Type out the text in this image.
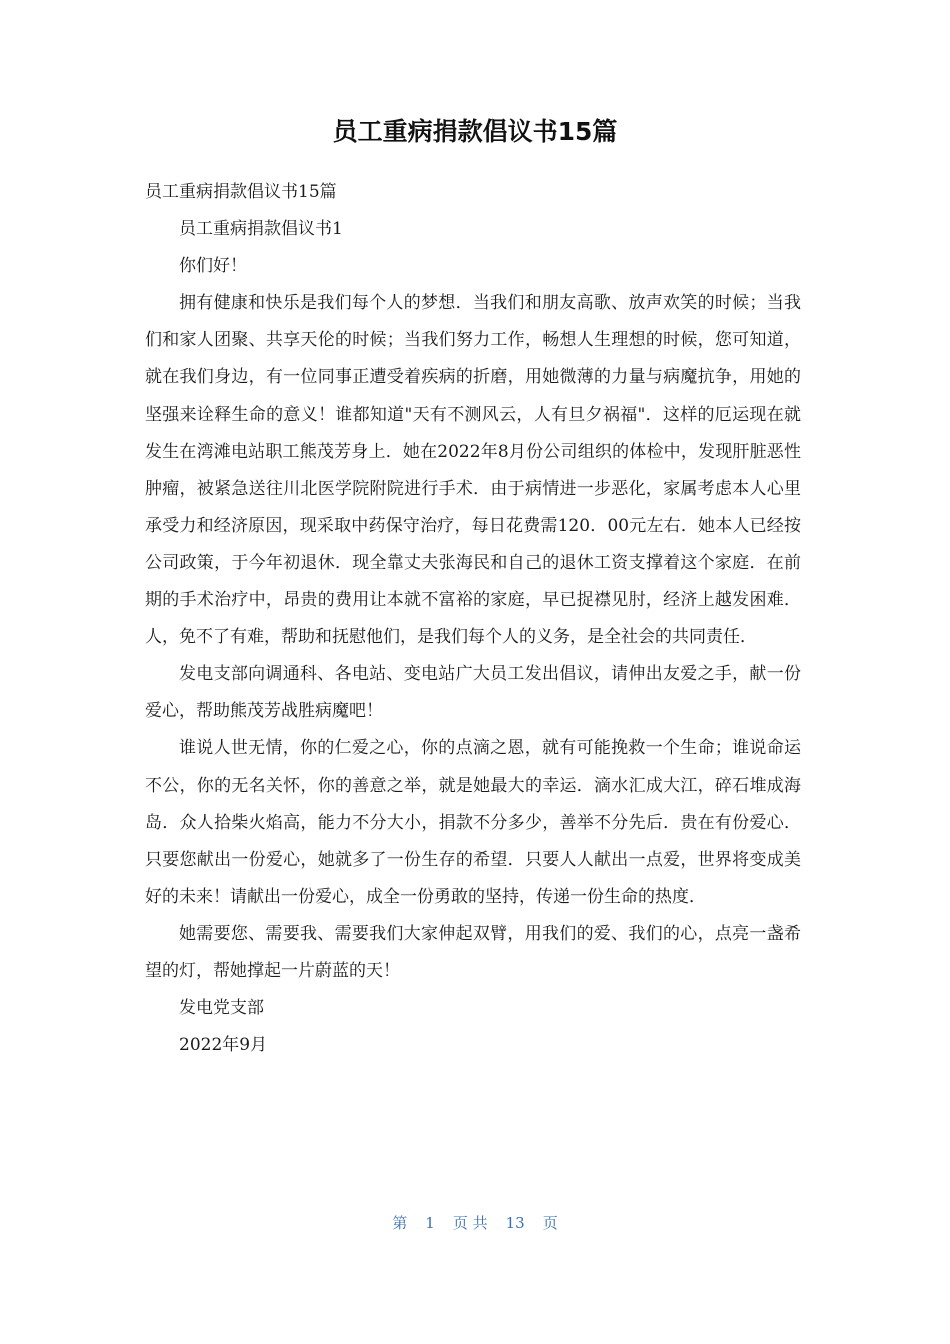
员工重病捐款倡议书15篇

员工重病捐款倡议书15篇

员工重病捐款倡议书1

你们好！

拥有健康和快乐是我们每个人的梦想．当我们和朋友高歌、放声欢笑的时候；当我们和家人团聚、共享天伦的时候；当我们努力工作，畅想人生理想的时候，您可知道，就在我们身边，有一位同事正遭受着疾病的折磨，用她微薄的力量与病魔抗争，用她的坚强来诠释生命的意义！谁都知道"天有不测风云，人有旦夕祸福"．这样的厄运现在就发生在湾滩电站职工熊茂芳身上．她在2022年8月份公司组织的体检中，发现肝脏恶性肿瘤，被紧急送往川北医学院附院进行手术．由于病情进一步恶化，家属考虑本人心里承受力和经济原因，现采取中药保守治疗，每日花费需120．00元左右．她本人已经按公司政策，于今年初退休．现全靠丈夫张海民和自己的退休工资支撑着这个家庭．在前期的手术治疗中，昂贵的费用让本就不富裕的家庭，早已捉襟见肘，经济上越发困难．人，免不了有难，帮助和抚慰他们，是我们每个人的义务，是全社会的共同责任．

发电支部向调通科、各电站、变电站广大员工发出倡议，请伸出友爱之手，献一份爱心，帮助熊茂芳战胜病魔吧！

谁说人世无情，你的仁爱之心，你的点滴之恩，就有可能挽救一个生命；谁说命运不公，你的无名关怀，你的善意之举，就是她最大的幸运．滴水汇成大江，碎石堆成海岛．众人拾柴火焰高，能力不分大小，捐款不分多少，善举不分先后．贵在有份爱心．只要您献出一份爱心，她就多了一份生存的希望．只要人人献出一点爱，世界将变成美好的未来！请献出一份爱心，成全一份勇敢的坚持，传递一份生命的热度．

她需要您、需要我、需要我们大家伸起双臂，用我们的爱、我们的心，点亮一盏希望的灯，帮她撑起一片蔚蓝的天！

发电党支部

2022年9月

第 1 页 共 13 页
